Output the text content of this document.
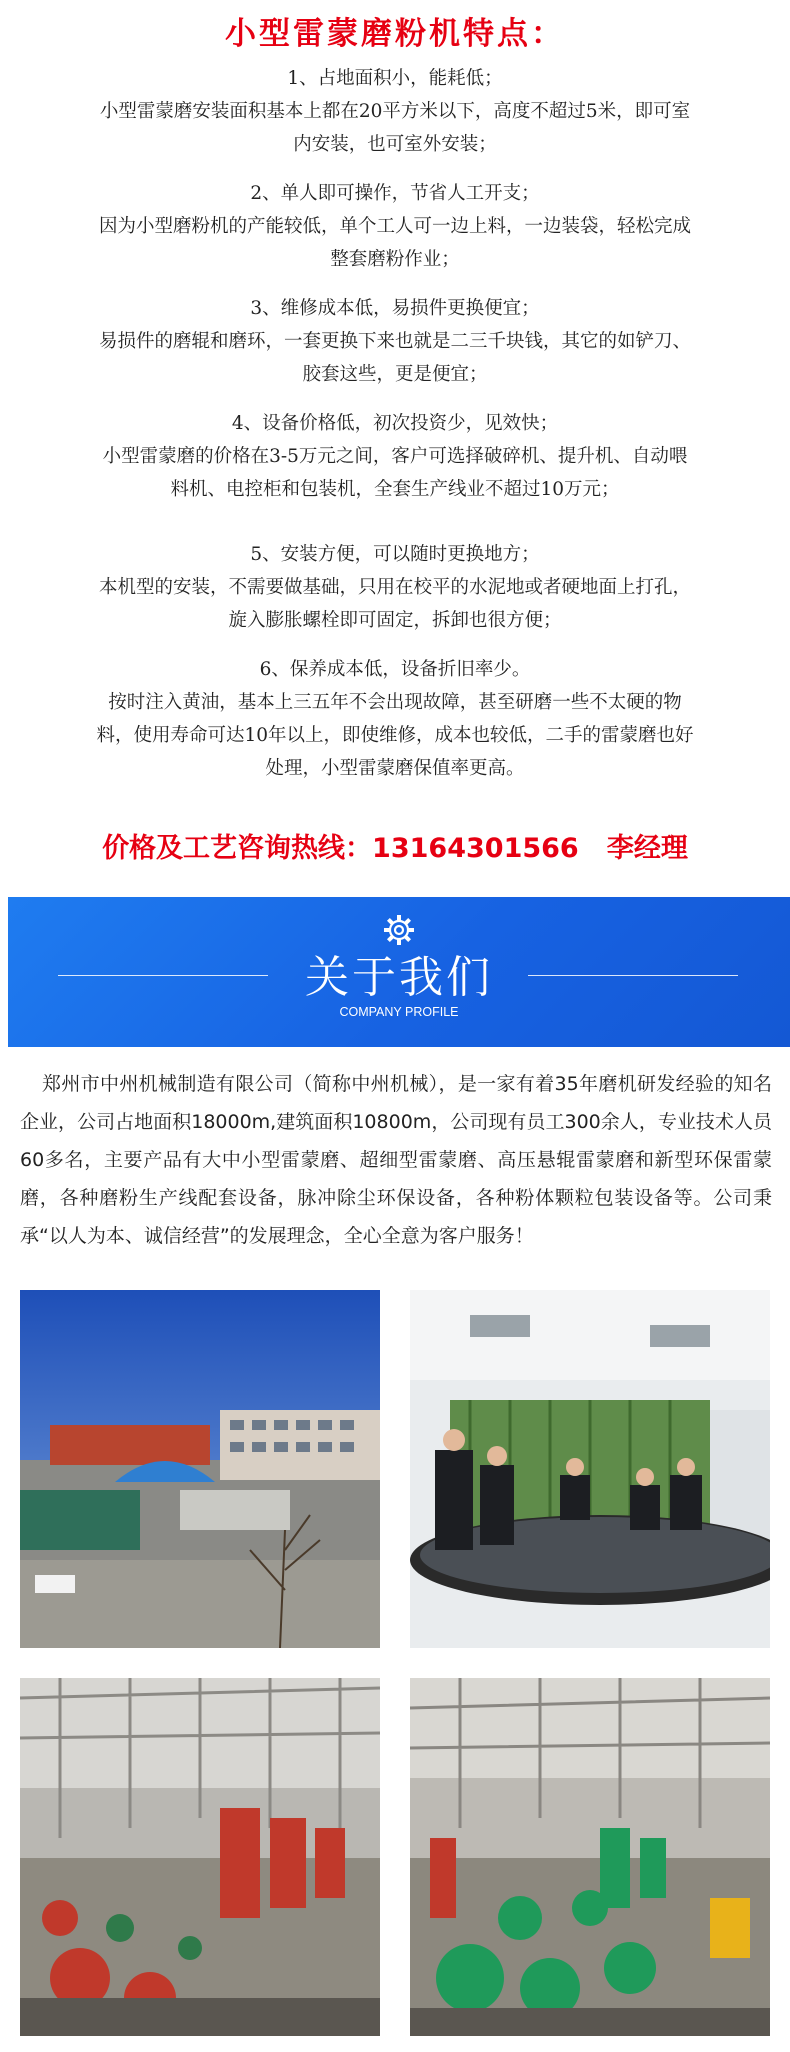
小型雷蒙磨粉机特点：
1、占地面积小，能耗低；
小型雷蒙磨安装面积基本上都在20平方米以下，高度不超过5米，即可室内安装，也可室外安装；
2、单人即可操作，节省人工开支；
因为小型磨粉机的产能较低，单个工人可一边上料，一边装袋，轻松完成整套磨粉作业；
3、维修成本低，易损件更换便宜；
易损件的磨辊和磨环，一套更换下来也就是二三千块钱，其它的如铲刀、胶套这些，更是便宜；
4、设备价格低，初次投资少，见效快；
小型雷蒙磨的价格在3-5万元之间，客户可选择破碎机、提升机、自动喂料机、电控柜和包装机，全套生产线业不超过10万元；
5、安装方便，可以随时更换地方；
本机型的安装，不需要做基础，只用在校平的水泥地或者硬地面上打孔，旋入膨胀螺栓即可固定，拆卸也很方便；
6、保养成本低，设备折旧率少。
按时注入黄油，基本上三五年不会出现故障，甚至研磨一些不太硬的物料，使用寿命可达10年以上，即使维修，成本也较低，二手的雷蒙磨也好处理，小型雷蒙磨保值率更高。
价格及工艺咨询热线：13164301566   李经理
关于我们
COMPANY PROFILE
郑州市中州机械制造有限公司（简称中州机械），是一家有着35年磨机研发经验的知名企业，公司占地面积18000m,建筑面积10800m，公司现有员工300余人，专业技术人员60多名，主要产品有大中小型雷蒙磨、超细型雷蒙磨、高压悬辊雷蒙磨和新型环保雷蒙磨，各种磨粉生产线配套设备，脉冲除尘环保设备，各种粉体颗粒包装设备等。公司秉承“以人为本、诚信经营”的发展理念，全心全意为客户服务！
